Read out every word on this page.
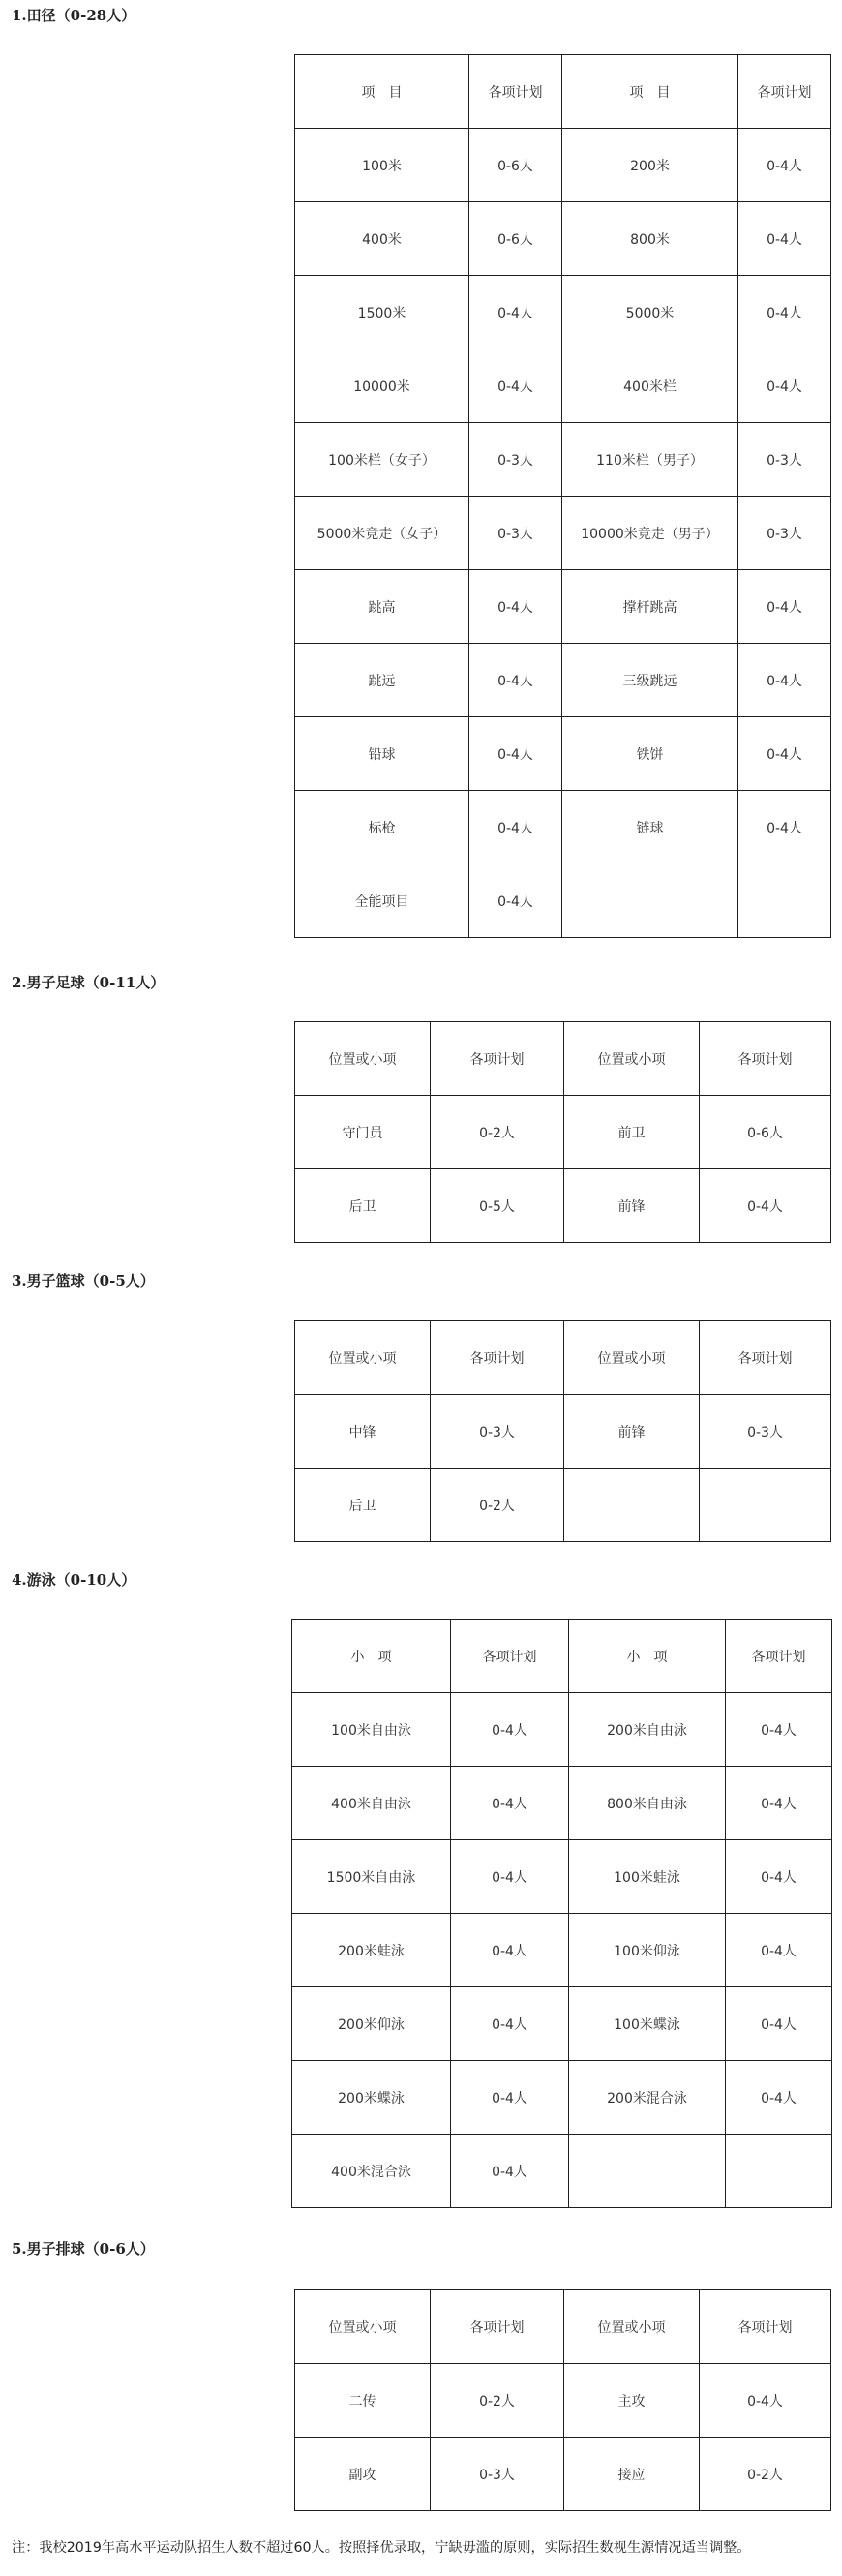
1.田径（0-28人）
项　目	各项计划	项　目	各项计划
100米	0-6人	200米	0-4人
400米	0-6人	800米	0-4人
1500米	0-4人	5000米	0-4人
10000米	0-4人	400米栏	0-4人
100米栏（女子）	0-3人	110米栏（男子）	0-3人
5000米竞走（女子）	0-3人	10000米竞走（男子）	0-3人
跳高	0-4人	撑杆跳高	0-4人
跳远	0-4人	三级跳远	0-4人
铅球	0-4人	铁饼	0-4人
标枪	0-4人	链球	0-4人
全能项目	0-4人		
2.男子足球（0-11人）
位置或小项	各项计划	位置或小项	各项计划
守门员	0-2人	前卫	0-6人
后卫	0-5人	前锋	0-4人
3.男子篮球（0-5人）
位置或小项	各项计划	位置或小项	各项计划
中锋	0-3人	前锋	0-3人
后卫	0-2人		
4.游泳（0-10人）
小　项	各项计划	小　项	各项计划
100米自由泳	0-4人	200米自由泳	0-4人
400米自由泳	0-4人	800米自由泳	0-4人
1500米自由泳	0-4人	100米蛙泳	0-4人
200米蛙泳	0-4人	100米仰泳	0-4人
200米仰泳	0-4人	100米蝶泳	0-4人
200米蝶泳	0-4人	200米混合泳	0-4人
400米混合泳	0-4人		
5.男子排球（0-6人）
位置或小项	各项计划	位置或小项	各项计划
二传	0-2人	主攻	0-4人
副攻	0-3人	接应	0-2人
注：我校2019年高水平运动队招生人数不超过60人。按照择优录取，宁缺毋滥的原则，实际招生数视生源情况适当调整。
